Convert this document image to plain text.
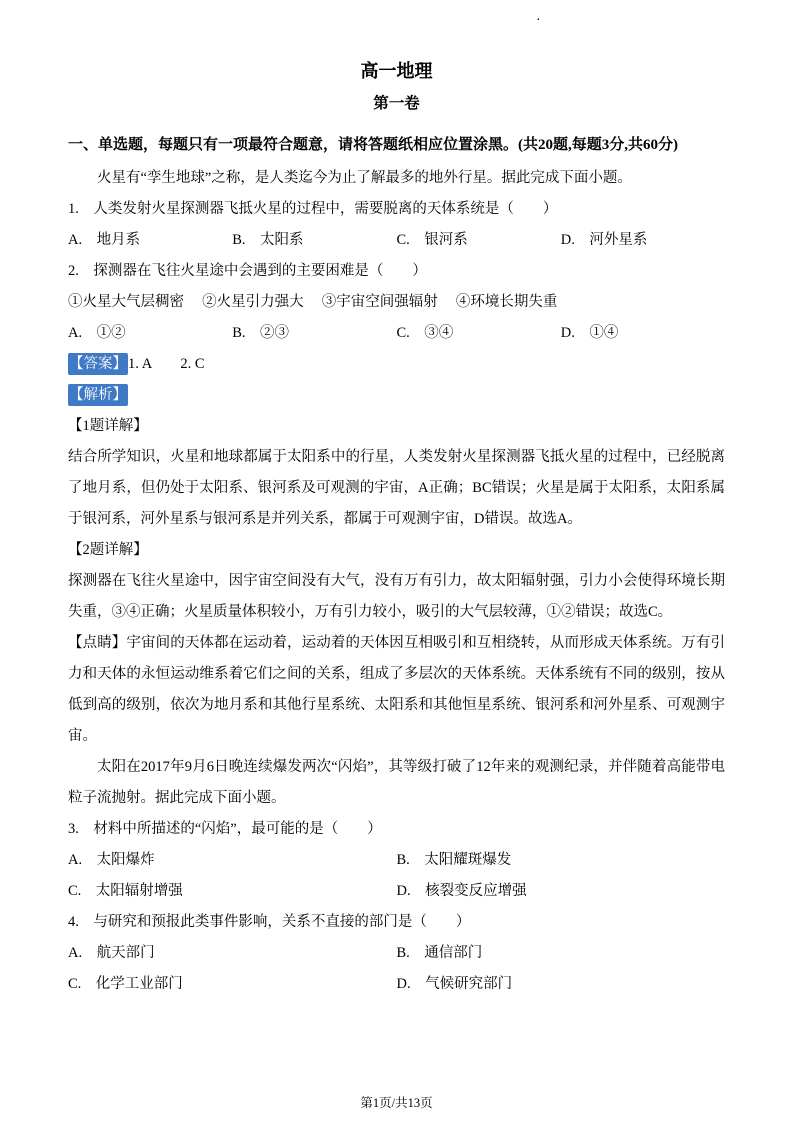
·
高一地理
第一卷

一、单选题，每题只有一项最符合题意，请将答题纸相应位置涂黑。(共20题,每题3分,共60分)

火星有“孪生地球”之称，是人类迄今为止了解最多的地外行星。据此完成下面小题。

1.　人类发射火星探测器飞抵火星的过程中，需要脱离的天体系统是（　　）

A.　地月系	B.　太阳系	C.　银河系	D.　河外星系

2.　探测器在飞往火星途中会遇到的主要困难是（　　）

①火星大气层稠密　 ②火星引力强大　 ③宇宙空间强辐射　 ④环境长期失重

A.　①②	B.　②③	C.　③④	D.　①④

【答案】1. A　　2. C

【解析】

【1题详解】

结合所学知识，火星和地球都属于太阳系中的行星，人类发射火星探测器飞抵火星的过程中，已经脱离了地月系，但仍处于太阳系、银河系及可观测的宇宙，A正确；BC错误；火星是属于太阳系，太阳系属于银河系，河外星系与银河系是并列关系，都属于可观测宇宙，D错误。故选A。

【2题详解】

探测器在飞往火星途中，因宇宙空间没有大气，没有万有引力，故太阳辐射强，引力小会使得环境长期失重，③④正确；火星质量体积较小，万有引力较小，吸引的大气层较薄，①②错误；故选C。

【点睛】宇宙间的天体都在运动着，运动着的天体因互相吸引和互相绕转，从而形成天体系统。万有引力和天体的永恒运动维系着它们之间的关系，组成了多层次的天体系统。天体系统有不同的级别，按从低到高的级别，依次为地月系和其他行星系统、太阳系和其他恒星系统、银河系和河外星系、可观测宇宙。

太阳在2017年9月6日晚连续爆发两次“闪焰”，其等级打破了12年来的观测纪录，并伴随着高能带电粒子流抛射。据此完成下面小题。

3.　材料中所描述的“闪焰”，最可能的是（　　）

A.　太阳爆炸	B.　太阳耀斑爆发
C.　太阳辐射增强	D.　核裂变反应增强

4.　与研究和预报此类事件影响，关系不直接的部门是（　　）

A.　航天部门	B.　通信部门
C.　化学工业部门	D.　气候研究部门
第1页/共13页
